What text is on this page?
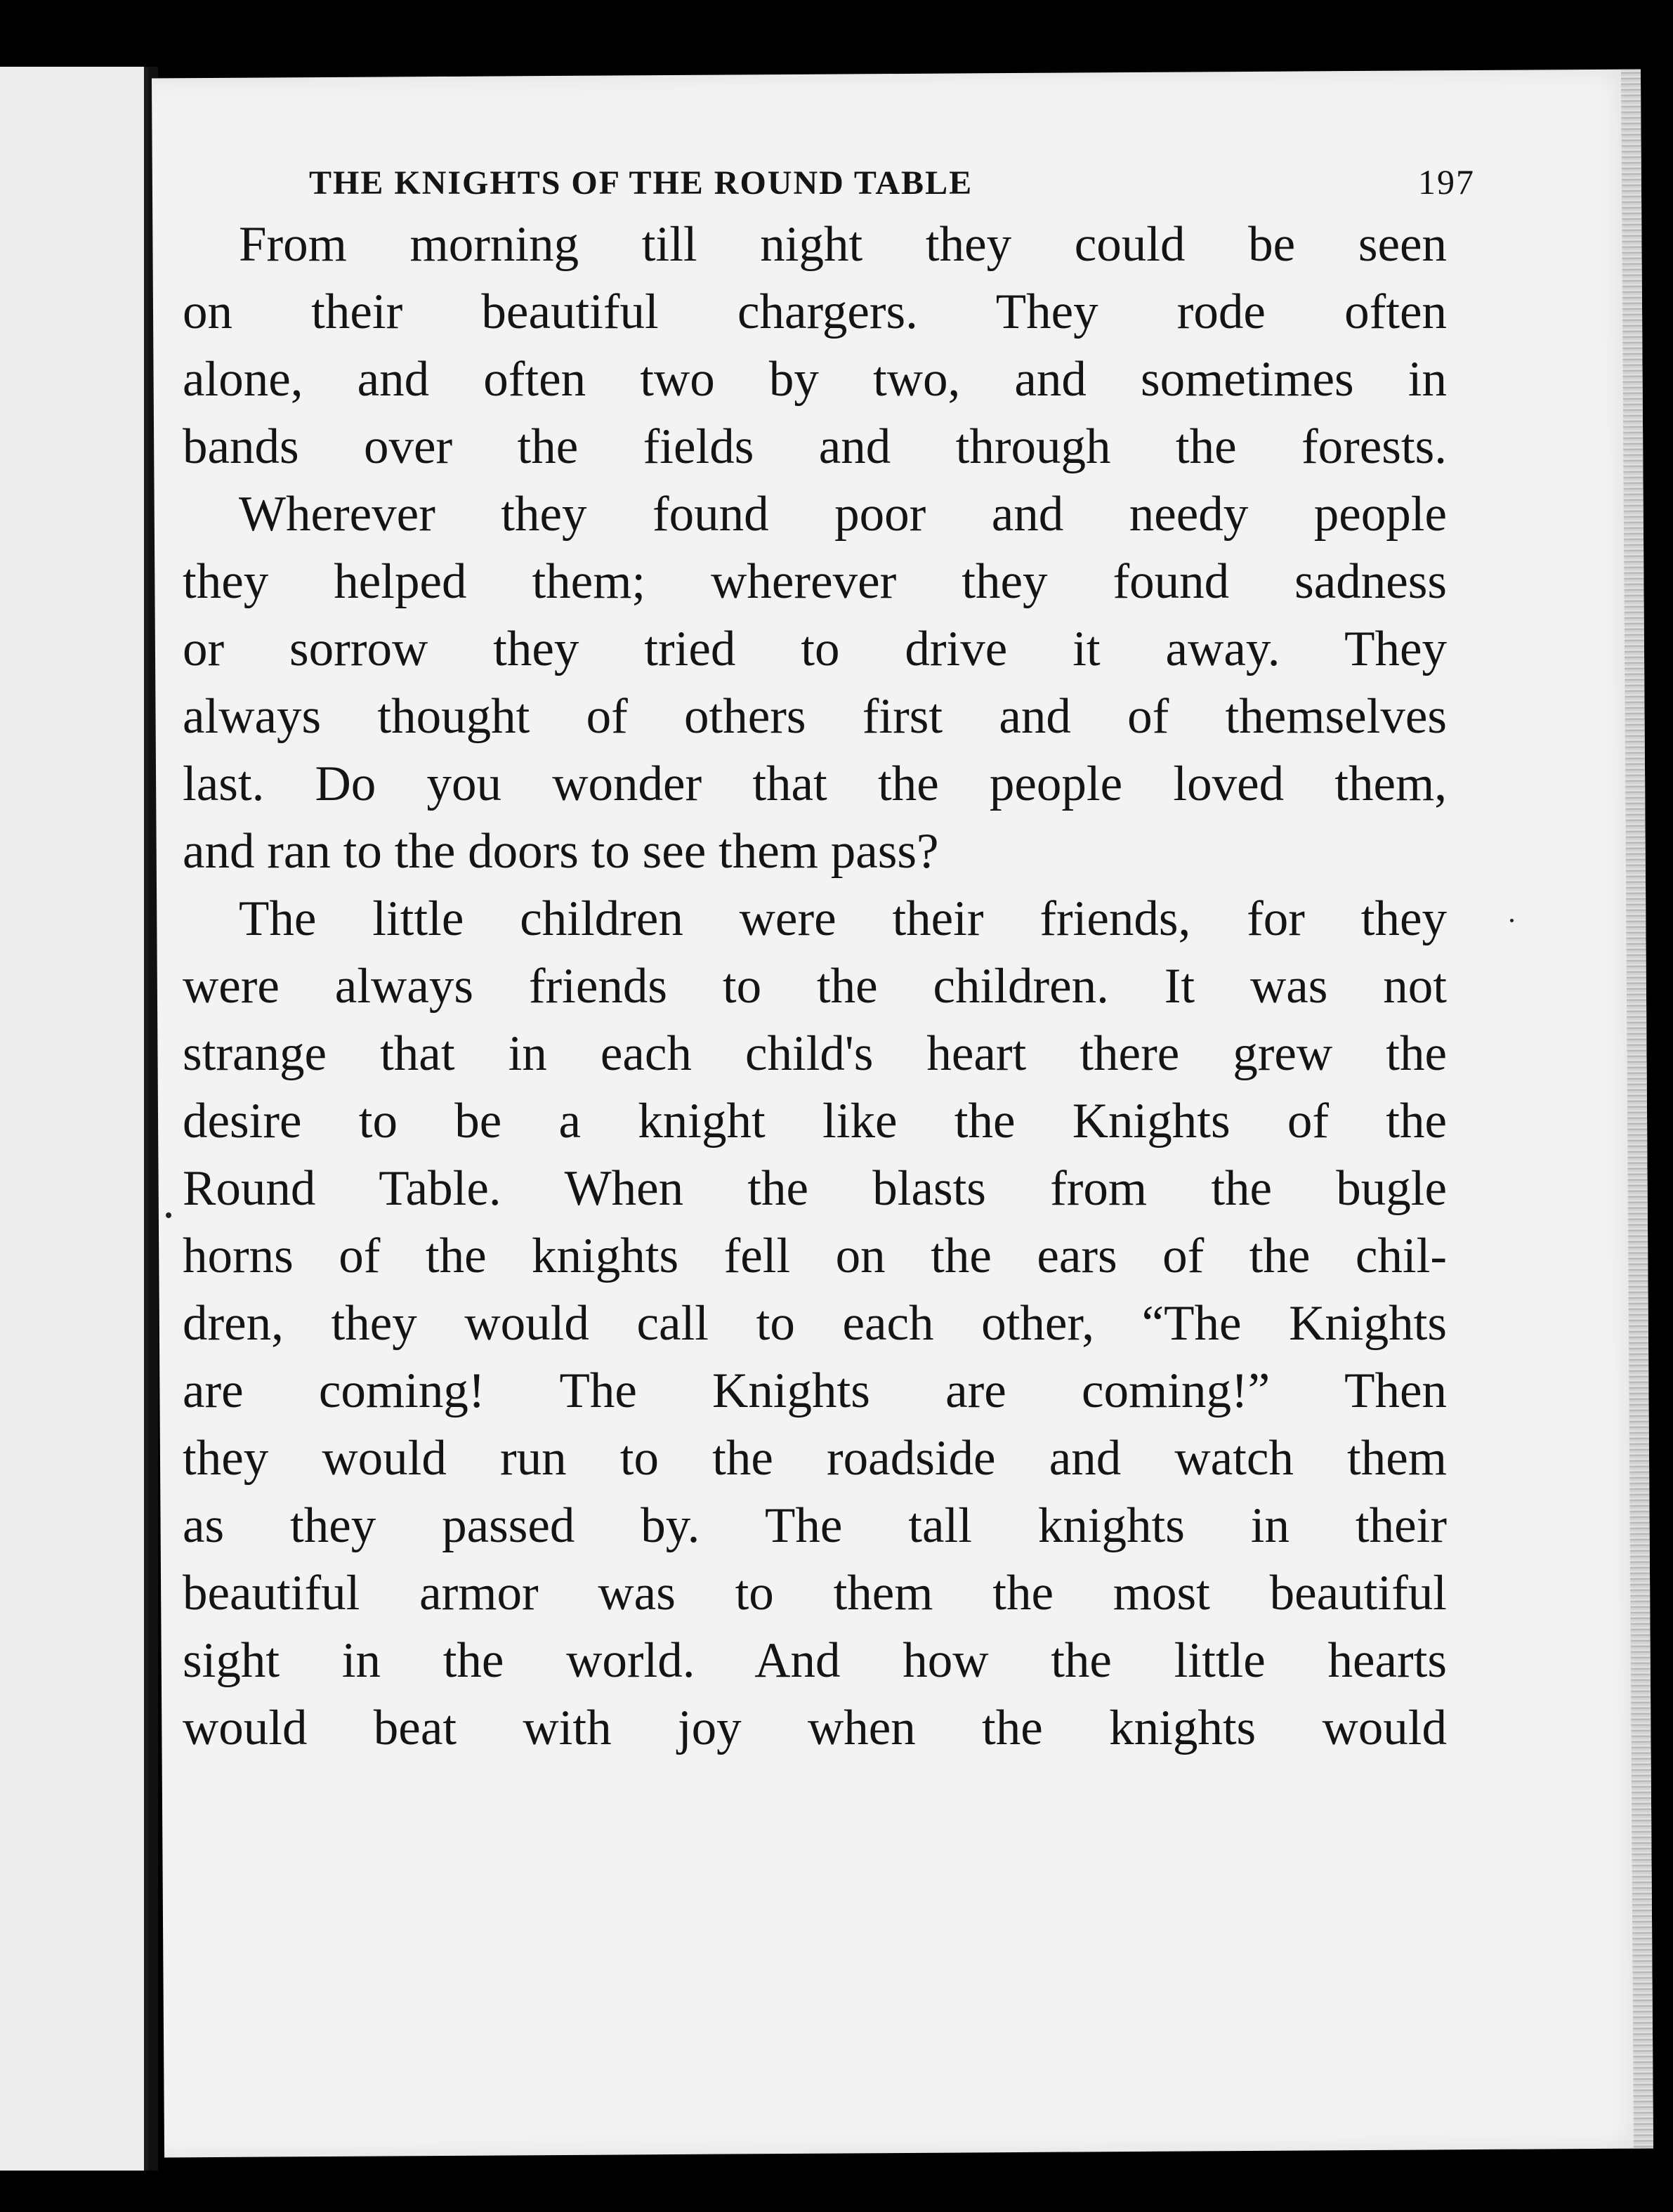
THE KNIGHTS OF THE ROUND TABLE	197

From morning till night they could be seen
on their beautiful chargers. They rode often
alone, and often two by two, and sometimes in
bands over the fields and through the forests.

Wherever they found poor and needy people
they helped them; wherever they found sadness
or sorrow they tried to drive it away. They
always thought of others first and of themselves
last. Do you wonder that the people loved them,
and ran to the doors to see them pass?

The little children were their friends, for they
were always friends to the children. It was not
strange that in each child's heart there grew the
desire to be a knight like the Knights of the
Round Table. When the blasts from the bugle
horns of the knights fell on the ears of the chil-
dren, they would call to each other, “The Knights
are coming! The Knights are coming!” Then
they would run to the roadside and watch them
as they passed by. The tall knights in their
beautiful armor was to them the most beautiful
sight in the world. And how the little hearts
would beat with joy when the knights would
